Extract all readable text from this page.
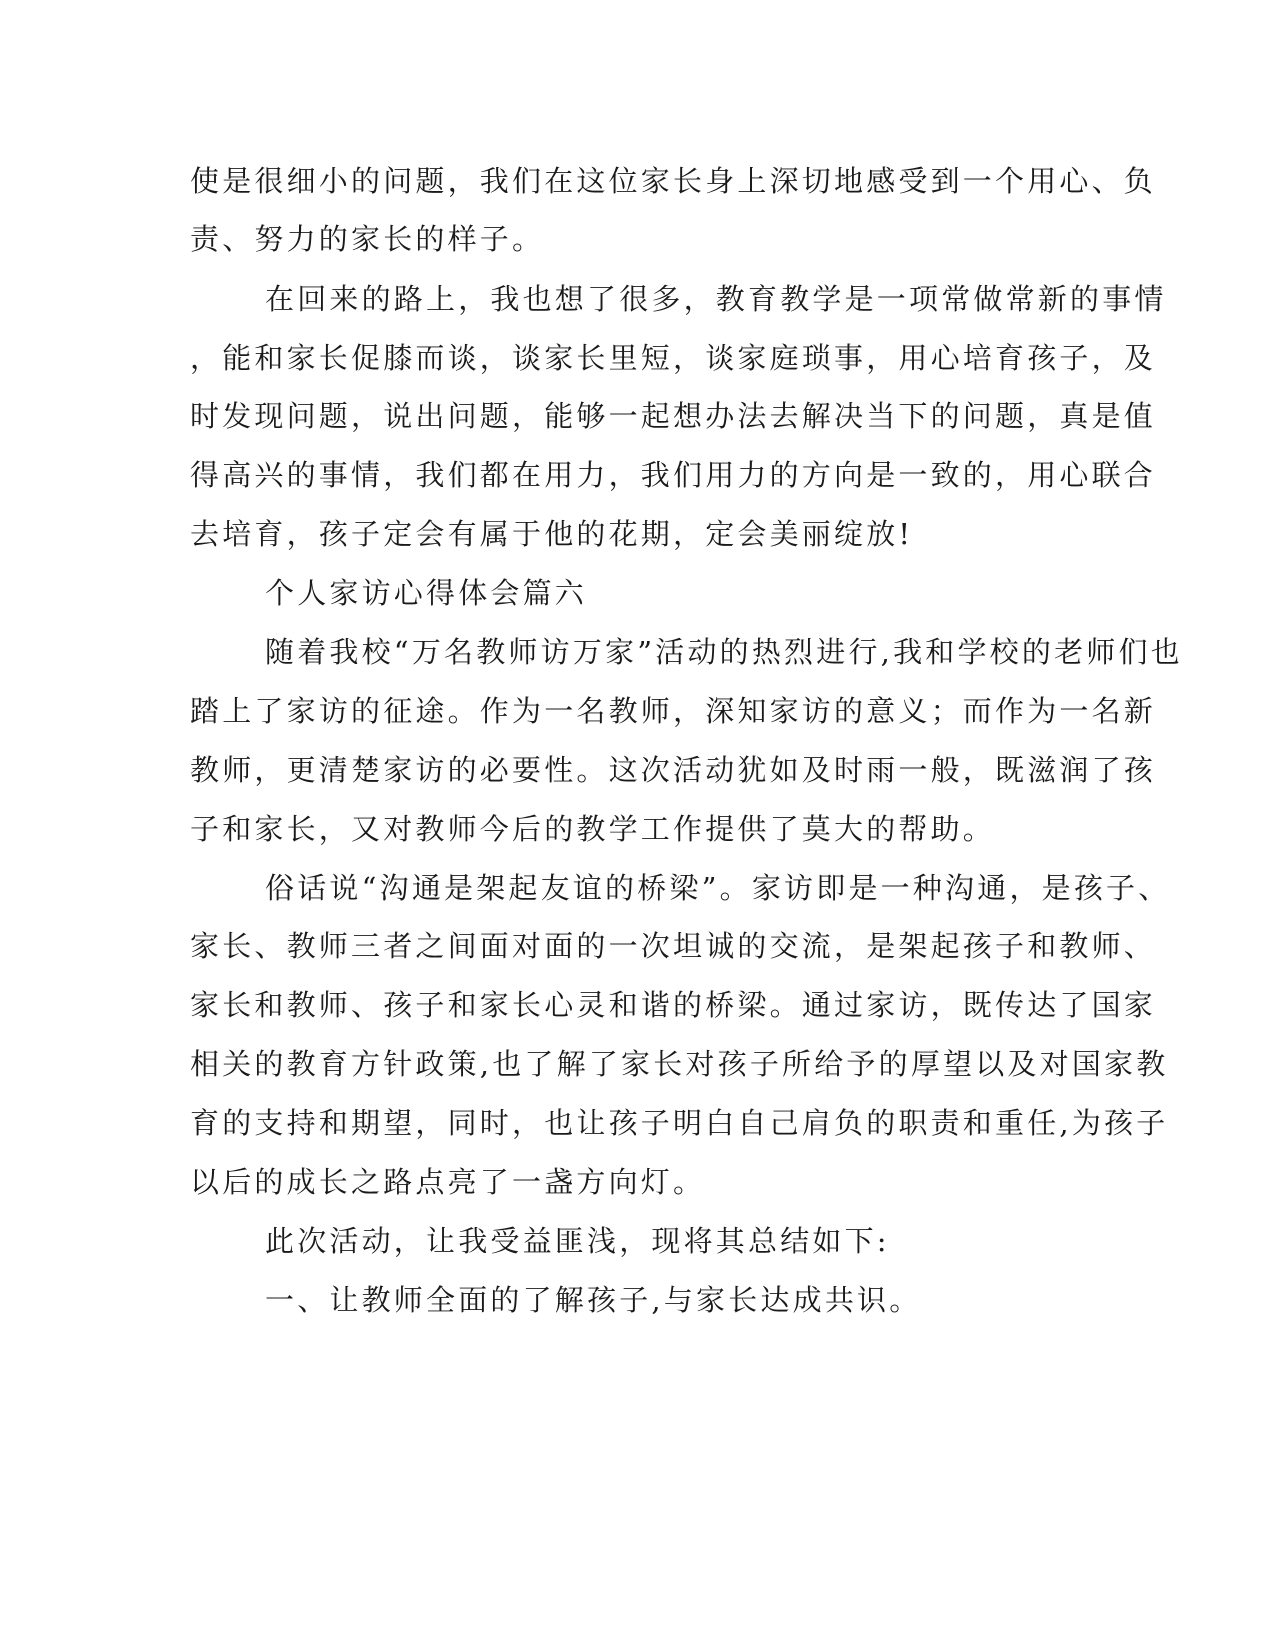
使是很细小的问题，我们在这位家长身上深切地感受到一个用心、负
责、努力的家长的样子。
在回来的路上，我也想了很多，教育教学是一项常做常新的事情
，能和家长促膝而谈，谈家长里短，谈家庭琐事，用心培育孩子，及
时发现问题，说出问题，能够一起想办法去解决当下的问题，真是值
得高兴的事情，我们都在用力，我们用力的方向是一致的，用心联合
去培育，孩子定会有属于他的花期，定会美丽绽放!
个人家访心得体会篇六
随着我校“万名教师访万家”活动的热烈进行,我和学校的老师们也
踏上了家访的征途。作为一名教师，深知家访的意义；而作为一名新
教师，更清楚家访的必要性。这次活动犹如及时雨一般，既滋润了孩
子和家长，又对教师今后的教学工作提供了莫大的帮助。
俗话说“沟通是架起友谊的桥梁”。家访即是一种沟通，是孩子、
家长、教师三者之间面对面的一次坦诚的交流，是架起孩子和教师、
家长和教师、孩子和家长心灵和谐的桥梁。通过家访，既传达了国家
相关的教育方针政策,也了解了家长对孩子所给予的厚望以及对国家教
育的支持和期望，同时，也让孩子明白自己肩负的职责和重任,为孩子
以后的成长之路点亮了一盏方向灯。
此次活动，让我受益匪浅，现将其总结如下:
一、让教师全面的了解孩子,与家长达成共识。
